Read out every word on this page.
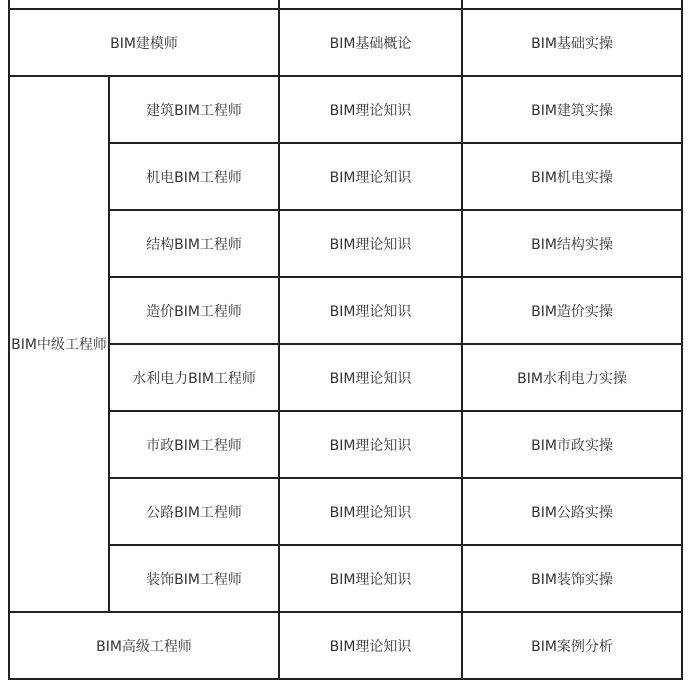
BIM建模师		BIM基础概论	BIM基础实操
BIM中级工程师	建筑BIM工程师	BIM理论知识	BIM建筑实操
	机电BIM工程师	BIM理论知识	BIM机电实操
	结构BIM工程师	BIM理论知识	BIM结构实操
	造价BIM工程师	BIM理论知识	BIM造价实操
	水利电力BIM工程师	BIM理论知识	BIM水利电力实操
	市政BIM工程师	BIM理论知识	BIM市政实操
	公路BIM工程师	BIM理论知识	BIM公路实操
	装饰BIM工程师	BIM理论知识	BIM装饰实操
BIM高级工程师		BIM理论知识	BIM案例分析
